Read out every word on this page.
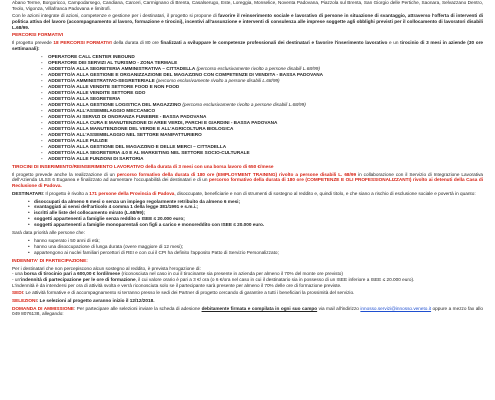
Abano Terme, Borgoricco, Campodarsego, Candiana, Carceri, Carmignano di Brenta, Casalserugo, Este, Loreggia, Monselice, Noventa Padovana, Piazzola sul Brenta, San Giorgio delle Pertiche, Saonara, Selvazzano Dentro, Teolo, Vigonza, Villafranca Padovana e limitrofi.

Con le azioni integrate di azioni, competenze e gestione per i destinatari, il progetto si propone di favorire il reinserimento sociale e lavorativo di persone in situazione di svantaggio, attraverso l'offerta di interventi di politica attiva del lavoro (accompagnamento al lavoro, formazione e tirocini), incentivi all'assunzione e interventi di consulenza alle imprese soggette agli obblighi previsti per il collocamento di lavoratori disabili L.68/99.

PERCORSI FORMATIVI

Il progetto prevede 18 PERCORSI FORMATIVI della durata di 80 ore finalizzati a sviluppare le competenze professionali dei destinatari e favorire l'inserimento lavorativo e un tirocinio di 3 mesi in aziende (30 ore settimanali):

- OPERATORE CALL CENTER INBOUND
- OPERATORE DEI SERVIZI AL TURISMO - ZONA TERMALE
- ADDETTO/A ALLA SEGRETERIA AMMINISTRATIVA – CITTADELLA (percorso esclusivamente rivolto a persone disabili L.68/99)
- ADDETTO/A ALLA GESTIONE E ORGANIZZAZIONE DEL MAGAZZINO CON COMPETENZE DI VENDITA - BASSA PADOVANA
- ADDETTO/A AMMINISTRATIVO-SEGRETERIALE (percorso esclusivamente rivolto a persone disabili L.68/99)
- ADDETTO/A ALLE VENDITE SETTORE FOOD E NON FOOD
- ADDETTO/A ALLE VENDITE SETTORE GDO
- ADDETTO/A ALLA SEGRETERIA
- ADDETTO/A ALLA GESTIONE LOGISTICA DEL MAGAZZINO (percorso esclusivamente rivolto a persone disabili L.68/99)
- ADDETTO/A ALL'ASSEMBLAGGIO MECCANICO
- ADDETTO/A AI SERVIZI DI ONORANZA FUNEBRE - BASSA PADOVANA
- ADDETTO/A ALLA CURA E MANUTENZIONE DI AREE VERDI, PARCHI E GIARDINI - BASSA PADOVANA
- ADDETTO/A ALLA MANUTENZIONE DEL VERDE E ALL'AGRICOLTURA BIOLOGICA
- ADDETTO/A ALL'ASSEMBLAGGIO NEL SETTORE MANIFATTURIERO
- ADDETTO/A ALLE PULIZIE
- ADDETTO/A ALLA GESTIONE DEL MAGAZZINO E DELLE MERCI – CITTADELLA
- ADDETTO/A ALLA SEGRETERIA 4.0 E AL MARKETING NEL SETTORE SOCIO-CULTURALE
- ADDETTO/A ALLE FUNZIONI DI SARTORIA

TIROCINI DI INSERIMENTO/REINSERIMENTO LAVORATIVO della durata di 3 mesi con una borsa lavoro di 650 €/mese

Il progetto prevede anche la realizzazione di un percorso formativo della durata di 180 ore (EMPLOYMENT TRAINING) rivolto a persone disabili L. 68/99 in collaborazione con il Servizio di Integrazione Lavorativa dell'Azienda ULSS 6 Euganea e finalizzato ad aumentare l'occupabilità dei destinatari e di un percorso formativo della durata di 180 ore (COMPETENZE E OLI PROFESSIONALIZZANTI) rivolto ai detenuti della Casa di Reclusione di Padova.

DESTINATARI: Il progetto è rivolto a 171 persone della Provincia di Padova, disoccupate, beneficiarie e non di strumenti di sostegno al reddito e, quindi titolo, e che siano a rischio di esclusione sociale e povertà in quanto:

• disoccupati da almeno 6 mesi o senza un impiego regolarmente retribuito da almeno 6 mesi;
• svantaggiati ai sensi dell'articolo 4 comma 1 della legge 381/1991 e s.m.i.;
• iscritti alle liste del collocamento mirato (L.68/99);
• soggetti appartenenti a famiglie senza reddito o ISEE ≤ 20.000 euro;
• soggetti appartenenti a famiglie monoparentali con figli a carico e monoreddito con ISEE ≤ 20.000 euro.

Sarà data priorità alle persone che:

• hanno superato i 50 anni di età;
• hanno una disoccupazione di lunga durata (overe maggiore di 12 mesi);
• appartengono ai nuclei familiari percettori di REI e con cui il CPI ha definito l'apposito Patto di Servizio Personalizzato;

INDENNITA' DI PARTECIPAZIONE:

Per i destinatari che non percepiscono alcun sostegno al reddito, è prevista l'erogazione di:

- una borsa di tirocinio pari a 600,00 € lordi/mese (riconosciuta nel caso in cui il tirocinante sia presente in azienda per almeno il 70% del monte ore previsto)

- un'indennità di partecipazione per le ore di formazione, il cui valore orario è pari a 3 €/ ora (o 6 €/ora nel caso in cui il destinatario sia in possesso di un ISEE inferiore a ISEE ≤ 20.000 euro).

L'indennità è da intendersi per ora di attività svolta e verrà riconosciuta solo se il partecipante sarà presente per almeno il 70% delle ore di formazione previste.

SEDI: Le attività formative e di accompagnamento si terranno presso le sedi dei Partner di progetto cercando di garantire a tutti i beneficiari la prossimità del servizio.

SELEZIONI: Le selezioni al progetto avranno inizio il 12/12/2018.

DOMANDA DI AMMISSIONE: Per partecipare alle selezioni inviare la scheda di adesione debitamente firmata e compilata in ogni suo campo via mail all'indirizzo innosso.servizi@innosso.veneto.it oppure a mezzo fax allo 049 8076138, allegando:
